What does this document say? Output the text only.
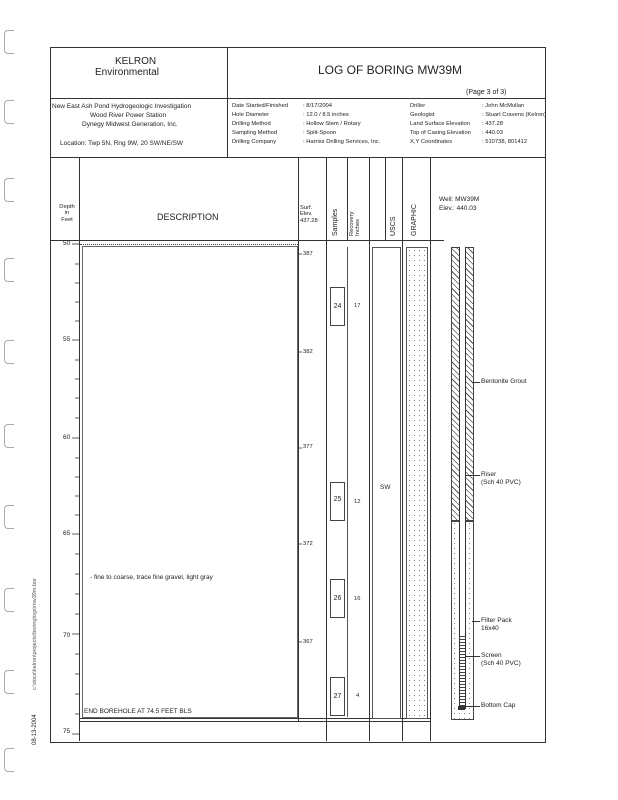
KELRON
Environmental	LOG OF BORING MW39M
(Page 3 of 3)
New East Ash Pond Hydrogeologic Investigation
Wood River Power Station
Dynegy Midwest Generation, Inc.
Location: Twp 5N, Rng 9W, 20 SW/NE/SW
Date Started/Finished	: 8/17/2004
Hole Diameter	: 12.0 / 8.5 inches
Drilling Method	: Hollow Stem / Rotary
Sampling Method	: Split-Spoon
Drilling Company	: Harriss Drilling Services, Inc.
Driller	: John McMullan
Geologist	: Stuart Cravens (Kelron)
Land Surface Elevation : 437.28
Top of Casing Elevation : 440.03
X,Y Coordinates	: 510738, 801412
Depth
in
Feet	DESCRIPTION
Surf.
Elev.
437.28 Samples Recovery Inches	USCS GRAPHIC
Well: MW39M
Elev.: 440.03
50
55
60
65
70
75
- fine to coarse, trace fine gravel, light gray
END BOREHOLE AT 74.5 FEET BLS
387
382
377
372
367
24	17
25	12
26	16
27	4
SW
Bentonite Grout
Riser
(Sch 40 PVC)
Filter Pack
16x40
Screen
(Sch 40 PVC)
Bottom Cap
08-13-2004
c:\docs\kelron\projects\boringlogs\mw39m.bor
